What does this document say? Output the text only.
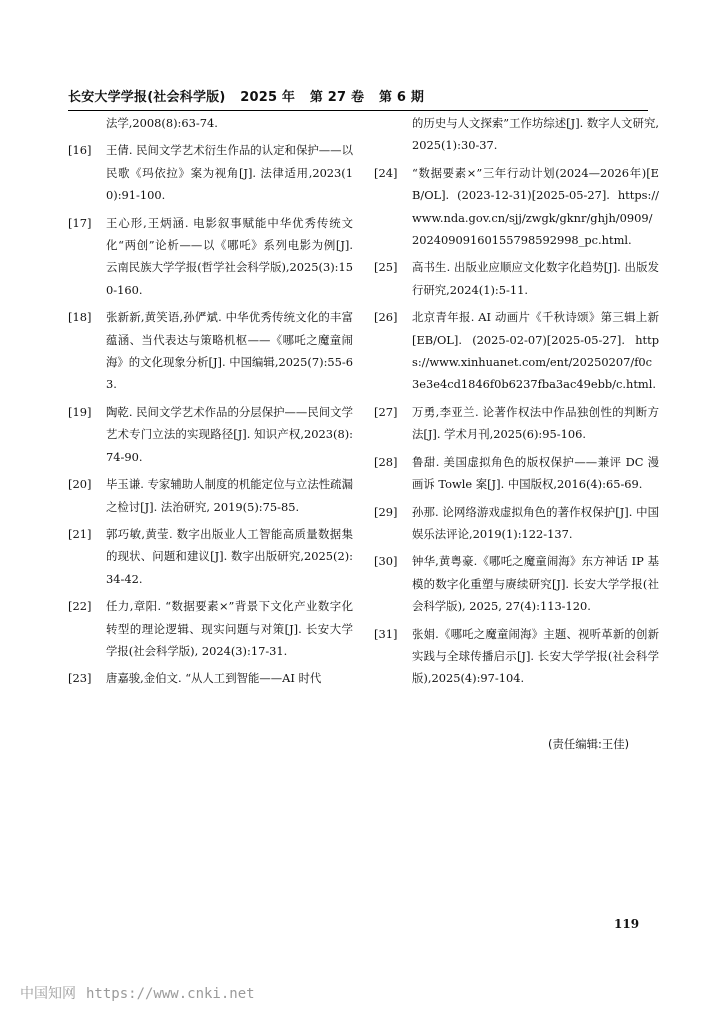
长安大学学报(社会科学版) 2025 年 第 27 卷 第 6 期
法学,2008(8):63-74.
[16]	王倩. 民间文学艺术衍生作品的认定和保护——以民歌《玛依拉》案为视角[J]. 法律适用,2023(10):91-100.
[17]	王心形,王炳涵. 电影叙事赋能中华优秀传统文化“两创”论析——以《哪吒》系列电影为例[J]. 云南民族大学学报(哲学社会科学版),2025(3):150-160.
[18]	张新新,黄笑语,孙俨斌. 中华优秀传统文化的丰富蕴涵、当代表达与策略机枢——《哪吒之魔童闹海》的文化现象分析[J]. 中国编辑,2025(7):55-63.
[19]	陶乾. 民间文学艺术作品的分层保护——民间文学艺术专门立法的实现路径[J]. 知识产权,2023(8):74-90.
[20]	毕玉谦. 专家辅助人制度的机能定位与立法性疏漏之检讨[J]. 法治研究, 2019(5):75-85.
[21]	郭巧敏,黄莹. 数字出版业人工智能高质量数据集的现状、问题和建议[J]. 数字出版研究,2025(2):34-42.
[22]	任力,章阳. “数据要素×”背景下文化产业数字化转型的理论逻辑、现实问题与对策[J]. 长安大学学报(社会科学版), 2024(3):17-31.
[23]	唐嘉骏,金伯文. “从人工到智能——AI 时代
的历史与人文探索”工作坊综述[J]. 数字人文研究,2025(1):30-37.
[24]	“数据要素×”三年行动计划(2024—2026年)[EB/OL]. (2023-12-31)[2025-05-27]. https://www.nda.gov.cn/sjj/zwgk/gknr/ghjh/0909/20240909160155798592998_pc.html.
[25]	高书生. 出版业应顺应文化数字化趋势[J]. 出版发行研究,2024(1):5-11.
[26]	北京青年报. AI 动画片《千秋诗颂》第三辑上新[EB/OL]. (2025-02-07)[2025-05-27]. https://www.xinhuanet.com/ent/20250207/f0c3e3e4cd1846f0b6237fba3ac49ebb/c.html.
[27]	万勇,李亚兰. 论著作权法中作品独创性的判断方法[J]. 学术月刊,2025(6):95-106.
[28]	鲁甜. 美国虚拟角色的版权保护——兼评 DC 漫画诉 Towle 案[J]. 中国版权,2016(4):65-69.
[29]	孙那. 论网络游戏虚拟角色的著作权保护[J]. 中国娱乐法评论,2019(1):122-137.
[30]	钟华,黄粤豪.《哪吒之魔童闹海》东方神话 IP 基模的数字化重塑与赓续研究[J]. 长安大学学报(社会科学版), 2025, 27(4):113-120.
[31]	张娟.《哪吒之魔童闹海》主题、视听革新的创新实践与全球传播启示[J]. 长安大学学报(社会科学版),2025(4):97-104.
(责任编辑:王佳)
119
中国知网 https://www.cnki.net
